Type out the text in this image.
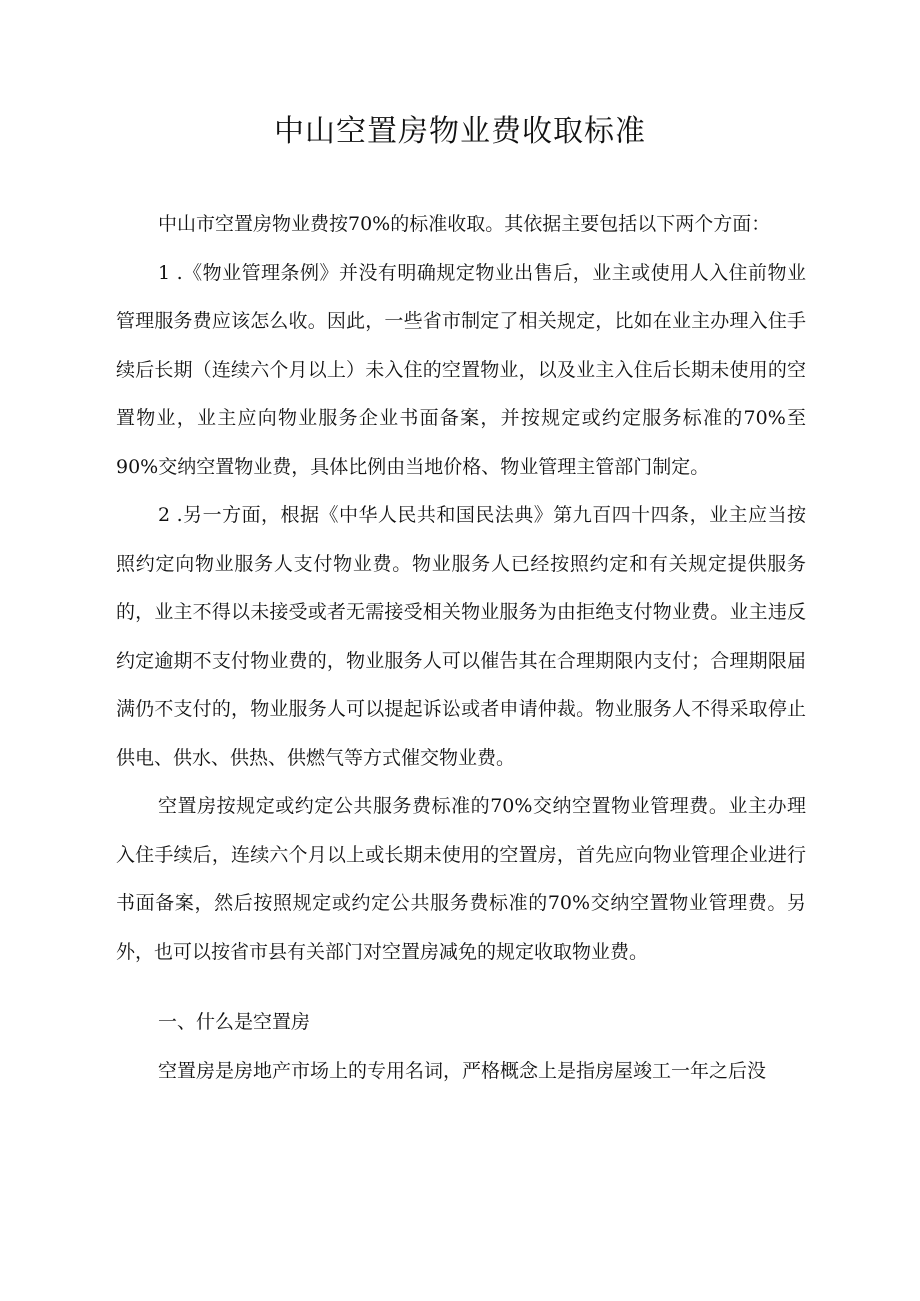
中山空置房物业费收取标准

中山市空置房物业费按70%的标准收取。其依据主要包括以下两个方面：

1 .《物业管理条例》并没有明确规定物业出售后，业主或使用人入住前物业管理服务费应该怎么收。因此，一些省市制定了相关规定，比如在业主办理入住手续后长期（连续六个月以上）未入住的空置物业，以及业主入住后长期未使用的空置物业，业主应向物业服务企业书面备案，并按规定或约定服务标准的70%至90%交纳空置物业费，具体比例由当地价格、物业管理主管部门制定。

2 .另一方面，根据《中华人民共和国民法典》第九百四十四条，业主应当按照约定向物业服务人支付物业费。物业服务人已经按照约定和有关规定提供服务的，业主不得以未接受或者无需接受相关物业服务为由拒绝支付物业费。业主违反约定逾期不支付物业费的，物业服务人可以催告其在合理期限内支付；合理期限届满仍不支付的，物业服务人可以提起诉讼或者申请仲裁。物业服务人不得采取停止供电、供水、供热、供燃气等方式催交物业费。

空置房按规定或约定公共服务费标准的70%交纳空置物业管理费。业主办理入住手续后，连续六个月以上或长期未使用的空置房，首先应向物业管理企业进行书面备案，然后按照规定或约定公共服务费标准的70%交纳空置物业管理费。另外，也可以按省市县有关部门对空置房减免的规定收取物业费。

一、什么是空置房

空置房是房地产市场上的专用名词，严格概念上是指房屋竣工一年之后没
